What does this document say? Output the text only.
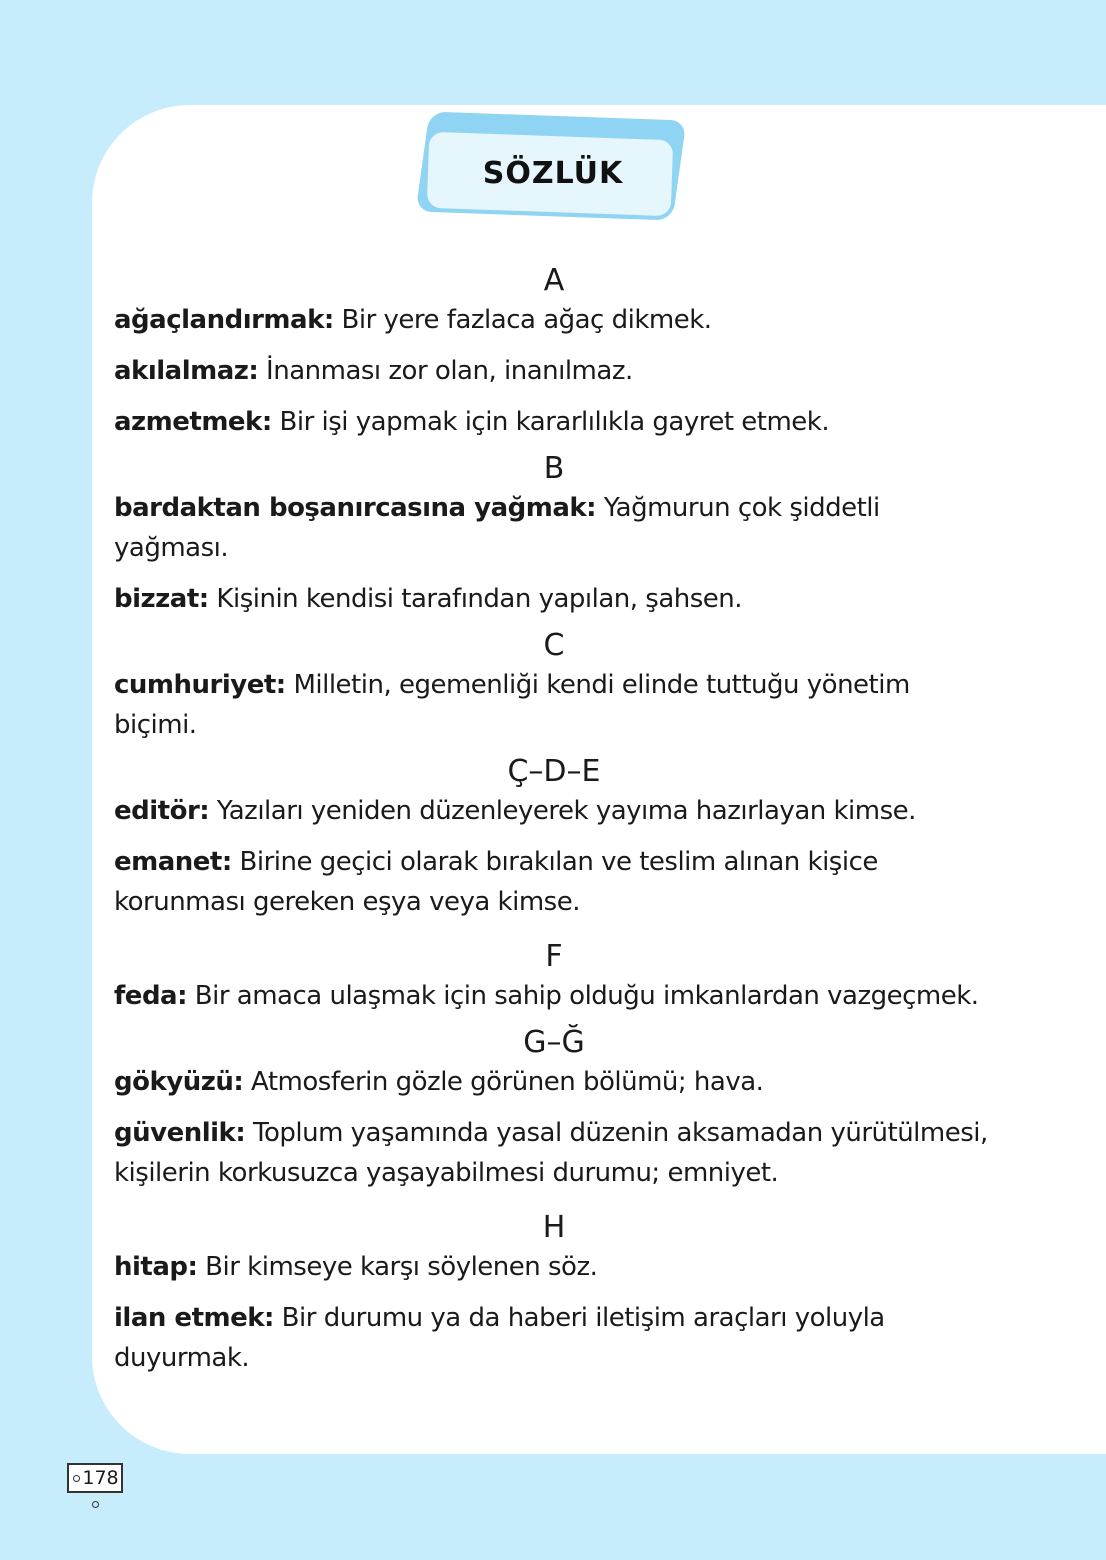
SÖZLÜK
A

ağaçlandırmak: Bir yere fazlaca ağaç dikmek.

akılalmaz: İnanması zor olan, inanılmaz.

azmetmek: Bir işi yapmak için kararlılıkla gayret etmek.

B

bardaktan boşanırcasına yağmak: Yağmurun çok şiddetli yağması.

bizzat: Kişinin kendisi tarafından yapılan, şahsen.

C

cumhuriyet: Milletin, egemenliği kendi elinde tuttuğu yönetim biçimi.

Ç–D–E

editör: Yazıları yeniden düzenleyerek yayıma hazırlayan kimse.

emanet: Birine geçici olarak bırakılan ve teslim alınan kişice korunması gereken eşya veya kimse.

F

feda: Bir amaca ulaşmak için sahip olduğu imkanlardan vazgeçmek.

G–Ğ

gökyüzü: Atmosferin gözle görünen bölümü; hava.

güvenlik: Toplum yaşamında yasal düzenin aksamadan yürütülmesi, kişilerin korkusuzca yaşayabilmesi durumu; emniyet.

H

hitap: Bir kimseye karşı söylenen söz.

ilan etmek: Bir durumu ya da haberi iletişim araçları yoluyla duyurmak.

178
